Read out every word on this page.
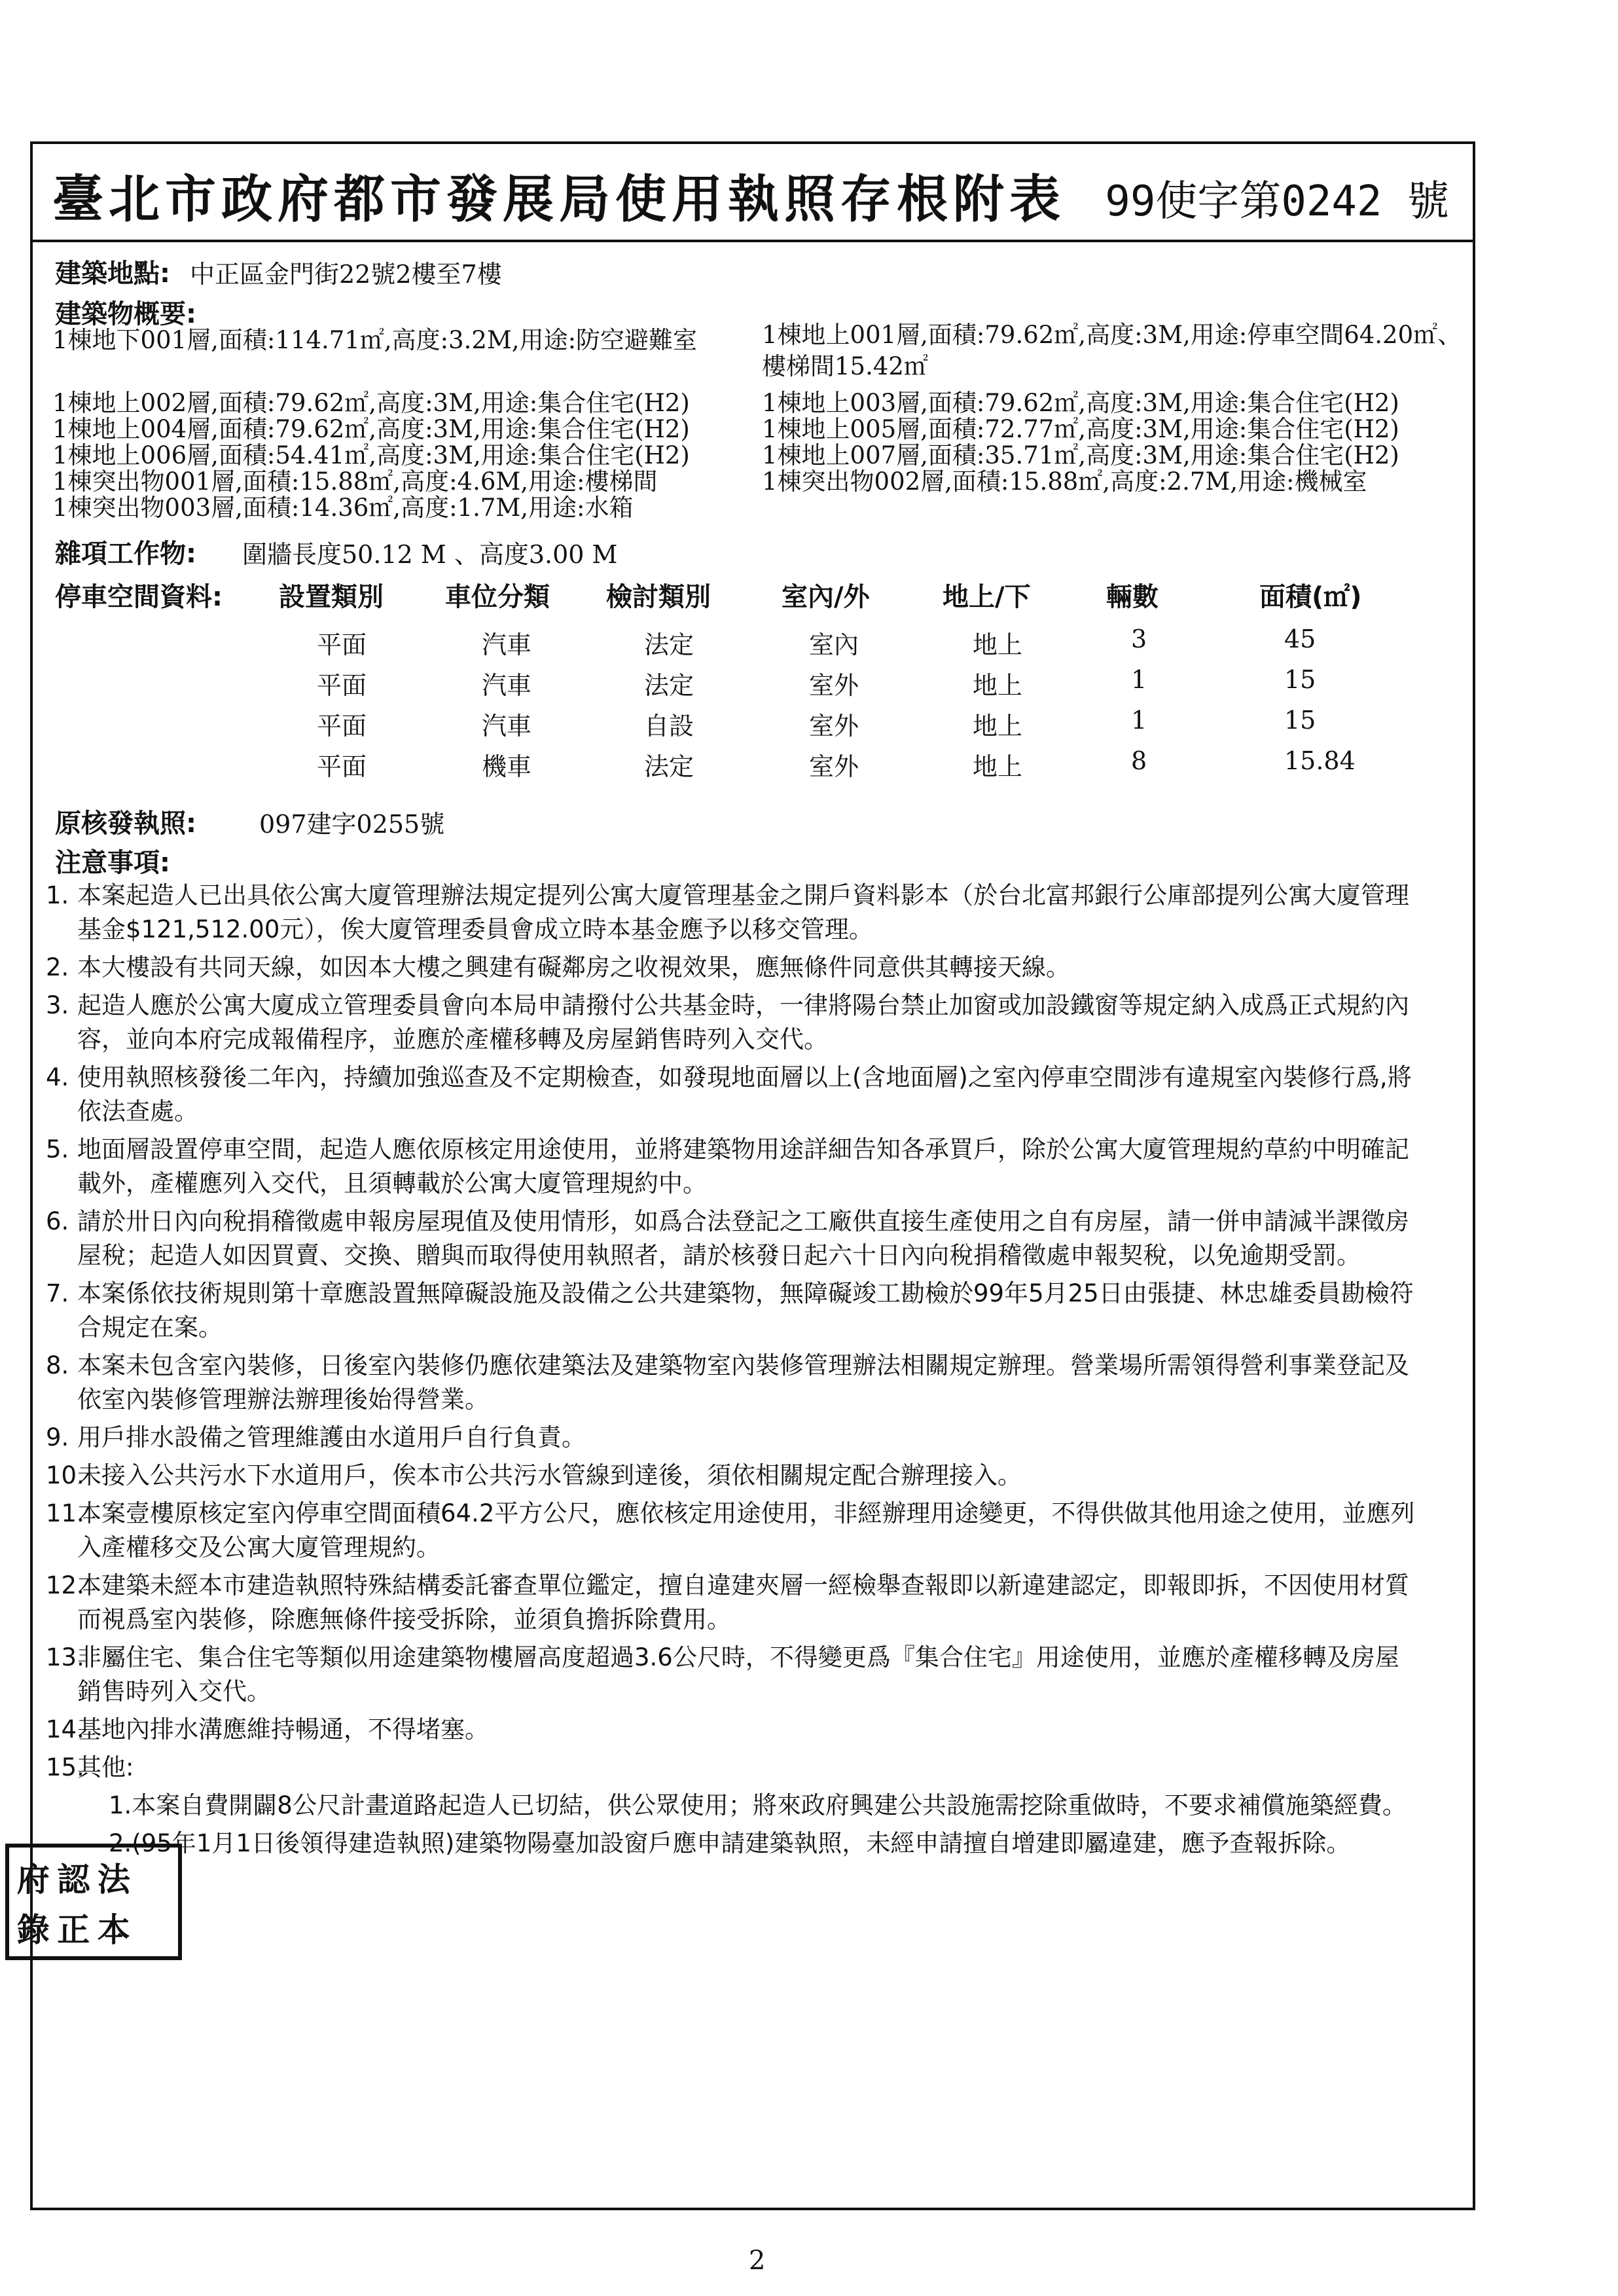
臺北市政府都市發展局使用執照存根附表 99使字第0242 號
建築地點: 中正區金門街22號2樓至7樓
建築物概要:
1棟地下001層,面積:114.71㎡,高度:3.2M,用途:防空避難室
1棟地上002層,面積:79.62㎡,高度:3M,用途:集合住宅(H2)
1棟地上004層,面積:79.62㎡,高度:3M,用途:集合住宅(H2)
1棟地上006層,面積:54.41㎡,高度:3M,用途:集合住宅(H2)
1棟突出物001層,面積:15.88㎡,高度:4.6M,用途:樓梯間
1棟突出物003層,面積:14.36㎡,高度:1.7M,用途:水箱
1棟地上001層,面積:79.62㎡,高度:3M,用途:停車空間64.20㎡、
樓梯間15.42㎡
1棟地上003層,面積:79.62㎡,高度:3M,用途:集合住宅(H2)
1棟地上005層,面積:72.77㎡,高度:3M,用途:集合住宅(H2)
1棟地上007層,面積:35.71㎡,高度:3M,用途:集合住宅(H2)
1棟突出物002層,面積:15.88㎡,高度:2.7M,用途:機械室
雜項工作物: 圍牆長度50.12 M 、高度3.00 M
停車空間資料: 設置類別 車位分類 檢討類別	室內/外	地上/下	輛數	面積(㎡)
平面	汽車	法定	室內	地上	3	45
平面	汽車	法定	室外	地上	1	15
平面	汽車	自設	室外	地上	1	15
平面	機車	法定	室外	地上	8	15.84
原核發執照:	097建字0255號
注意事項:
1. 本案起造人已出具依公寓大廈管理辦法規定提列公寓大廈管理基金之開戶資料影本（於台北富邦銀行公庫部提列公寓大廈管理基金$121,512.00元），俟大廈管理委員會成立時本基金應予以移交管理。
2. 本大樓設有共同天線，如因本大樓之興建有礙鄰房之收視效果，應無條件同意供其轉接天線。
3. 起造人應於公寓大廈成立管理委員會向本局申請撥付公共基金時，一律將陽台禁止加窗或加設鐵窗等規定納入成爲正式規約內容，並向本府完成報備程序，並應於產權移轉及房屋銷售時列入交代。
4. 使用執照核發後二年內，持續加強巡查及不定期檢查，如發現地面層以上(含地面層)之室內停車空間涉有違規室內裝修行爲,將依法查處。
5. 地面層設置停車空間，起造人應依原核定用途使用，並將建築物用途詳細告知各承買戶，除於公寓大廈管理規約草約中明確記載外，產權應列入交代，且須轉載於公寓大廈管理規約中。
6. 請於卅日內向稅捐稽徵處申報房屋現值及使用情形，如爲合法登記之工廠供直接生產使用之自有房屋，請一併申請減半課徵房屋稅；起造人如因買賣、交換、贈與而取得使用執照者，請於核發日起六十日內向稅捐稽徵處申報契稅，以免逾期受罰。
7. 本案係依技術規則第十章應設置無障礙設施及設備之公共建築物，無障礙竣工勘檢於99年5月25日由張捷、林忠雄委員勘檢符合規定在案。
8. 本案未包含室內裝修，日後室內裝修仍應依建築法及建築物室內裝修管理辦法相關規定辦理。營業場所需領得營利事業登記及依室內裝修管理辦法辦理後始得營業。
9. 用戶排水設備之管理維護由水道用戶自行負責。
10.
未接入公共污水下水道用戶，俟本市公共污水管線到達後，須依相關規定配合辦理接入。
11.
本案壹樓原核定室內停車空間面積64.2平方公尺，應依核定用途使用，非經辦理用途變更，不得供做其他用途之使用，並應列入產權移交及公寓大廈管理規約。
12.
本建築未經本市建造執照特殊結構委託審查單位鑑定，擅自違建夾層一經檢舉查報即以新違建認定，即報即拆，不因使用材質而視爲室內裝修，除應無條件接受拆除，並須負擔拆除費用。
13.
非屬住宅、集合住宅等類似用途建築物樓層高度超過3.6公尺時，不得變更爲『集合住宅』用途使用，並應於產權移轉及房屋銷售時列入交代。
14.
基地內排水溝應維持暢通，不得堵塞。
15.
其他:
1.本案自費開闢8公尺計畫道路起造人已切結，供公眾使用；將來政府興建公共設施需挖除重做時，不要求補償施築經費。
2.(95年1月1日後領得建造執照)建築物陽臺加設窗戶應申請建築執照，未經申請擅自增建即屬違建，應予查報拆除。
府 認 法
錄 正 本
2
